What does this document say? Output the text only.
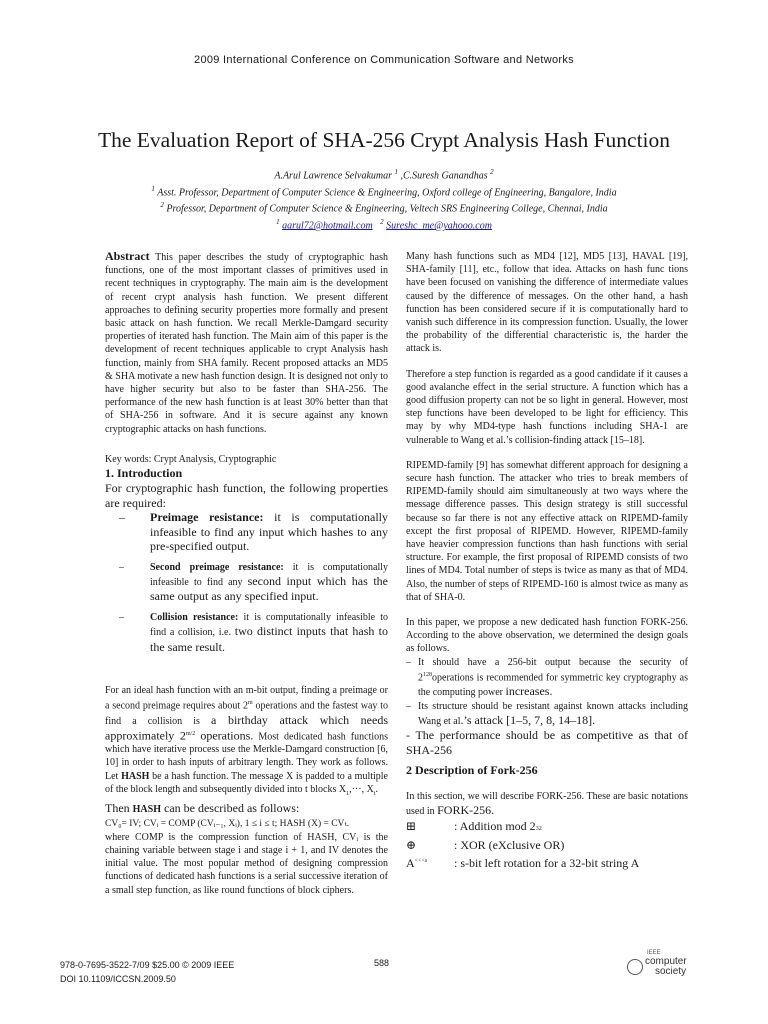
2009 International Conference on Communication Software and Networks
The Evaluation Report of SHA-256 Crypt Analysis Hash Function
A.Arul Lawrence Selvakumar $^1$ ,C.Suresh Ganandhas $^2$
$^1$ Asst. Professor, Department of Computer Science & Engineering, Oxford college of Engineering, Bangalore, India
$^2$ Professor, Department of Computer Science & Engineering, Veltech SRS Engineering College, Chennai, India
$^1$ aarul72@hotmail.com $^2$ Sureshc_me@yahooo.com

Abstract This paper describes the study of cryptographic hash functions, one of the most important classes of primitives used in recent techniques in cryptography. The main aim is the development of recent crypt analysis hash function. We present different approaches to defining security properties more formally and present basic attack on hash function. We recall Merkle-Damgard security properties of iterated hash function. The Main aim of this paper is the development of recent techniques applicable to crypt Analysis hash function, mainly from SHA family. Recent proposed attacks an MD5 & SHA motivate a new hash function design. It is designed not only to have higher security but also to be faster than SHA-256. The performance of the new hash function is at least 30% better than that of SHA-256 in software. And it is secure against any known cryptographic attacks on hash functions.

Key words: Crypt Analysis, Cryptographic

1. Introduction

For cryptographic hash function, the following properties are required:

– Preimage resistance: it is computationally infeasible to find any input which hashes to any pre-specified output.
–	Second preimage resistance: it is computationally infeasible to find any second input which has the same output as any specified input.
–	Collision resistance: it is computationally infeasible to find a collision, i.e. two distinct inputs that hash to the same result.

For an ideal hash function with an m-bit output, finding a preimage or a second preimage requires about 2$^m$ operations and the fastest way to find a collision is a birthday attack which needs approximately $2^{m/2}$ operations. Most dedicated hash functions which have iterative process use the Merkle-Damgard construction [6, 10] in order to hash inputs of arbitrary length. They work as follows. Let HASH be a hash function. The message X is padded to a multiple of the block length and subsequently divided into t blocks $X_1,\cdot\cdot\cdot$, $X_t$.

Then HASH can be described as follows:

CV₀= IV; CVᵢ = COMP (CVᵢ₋₁, Xᵢ), 1 ≤ i ≤ t; HASH (X) = CVₜ.

where COMP is the compression function of HASH, CVᵢ is the chaining variable between stage i and stage i + 1, and IV denotes the initial value. The most popular method of designing compression functions of dedicated hash functions is a serial successive iteration of a small step function, as like round functions of block ciphers.

Many hash functions such as MD4 [12], MD5 [13], HAVAL [19], SHA-family [11], etc., follow that idea. Attacks on hash func tions have been focused on vanishing the difference of intermediate values caused by the difference of messages. On the other hand, a hash function has been considered secure if it is computationally hard to vanish such difference in its compression function. Usually, the lower the probability of the differential characteristic is, the harder the attack is.

Therefore a step function is regarded as a good candidate if it causes a good avalanche effect in the serial structure. A function which has a good diffusion property can not be so light in general. However, most step functions have been developed to be light for efficiency. This may by why MD4-type hash functions including SHA-1 are vulnerable to Wang et al.’s collision-finding attack [15–18].

RIPEMD-family [9] has somewhat different approach for designing a secure hash function. The attacker who tries to break members of RIPEMD-family should aim simultaneously at two ways where the message difference passes. This design strategy is still successful because so far there is not any effective attack on RIPEMD-family except the first proposal of RIPEMD. However, RIPEMD-family have heavier compression functions than hash functions with serial structure. For example, the first proposal of RIPEMD consists of two lines of MD4. Total number of steps is twice as many as that of MD4. Also, the number of steps of RIPEMD-160 is almost twice as many as that of SHA-0.

In this paper, we propose a new dedicated hash function FORK-256. According to the above observation, we determined the design goals as follows.

– It should have a 256-bit output because the security of $2^{128}operations$ is recommended for symmetric key cryptography as the computing power increases.
– Its structure should be resistant against known attacks including Wang et al.’s attack [1–5, 7, 8, 14–18].

- The performance should be as competitive as that of SHA-256

2 Description of Fork-256

In this section, we will describe FORK-256. These are basic notations used in FORK-256.

⊞	: Addition mod $2_{32}$
⊕	: XOR (eXclusive OR)
$A^{<<<s}$	: s-bit left rotation for a 32-bit string A
978-0-7695-3522-7/09 $25.00 © 2009 IEEE
DOI 10.1109/ICCSN.2009.50
588
IEEE
computer
society
